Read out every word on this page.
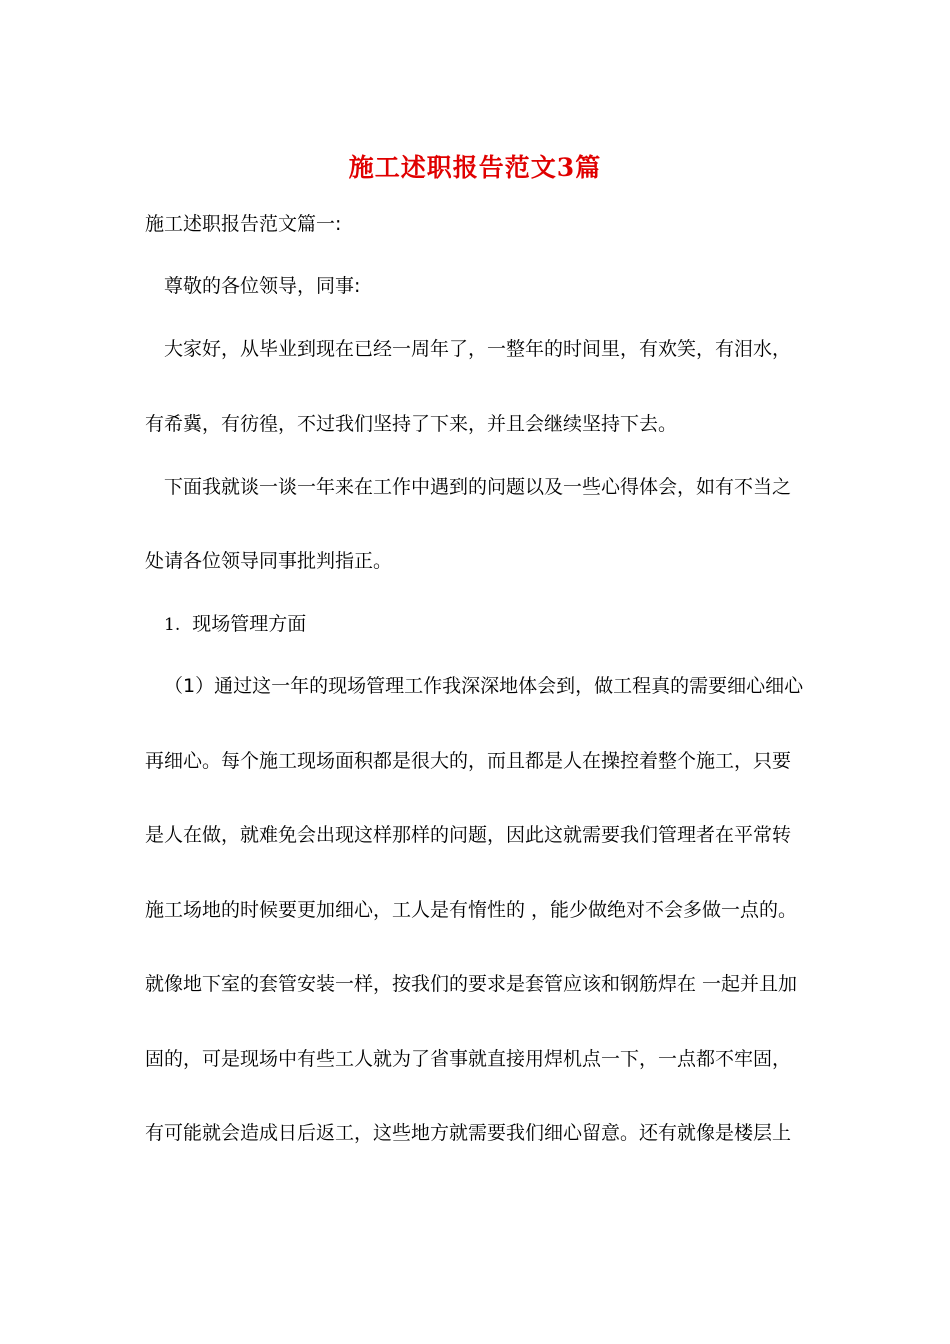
施工述职报告范文3篇
施工述职报告范文篇一:
尊敬的各位领导，同事:
大家好，从毕业到现在已经一周年了，一整年的时间里，有欢笑，有泪水，
有希冀，有彷徨，不过我们坚持了下来，并且会继续坚持下去。
下面我就谈一谈一年来在工作中遇到的问题以及一些心得体会，如有不当之
处请各位领导同事批判指正。
1. 现场管理方面
（1）通过这一年的现场管理工作我深深地体会到，做工程真的需要细心细心
再细心。每个施工现场面积都是很大的，而且都是人在操控着整个施工，只要
是人在做，就难免会出现这样那样的问题，因此这就需要我们管理者在平常转
施工场地的时候要更加细心，工人是有惰性的 ，能少做绝对不会多做一点的。
就像地下室的套管安装一样，按我们的要求是套管应该和钢筋焊在 一起并且加
固的，可是现场中有些工人就为了省事就直接用焊机点一下，一点都不牢固，
有可能就会造成日后返工，这些地方就需要我们细心留意。还有就像是楼层上
